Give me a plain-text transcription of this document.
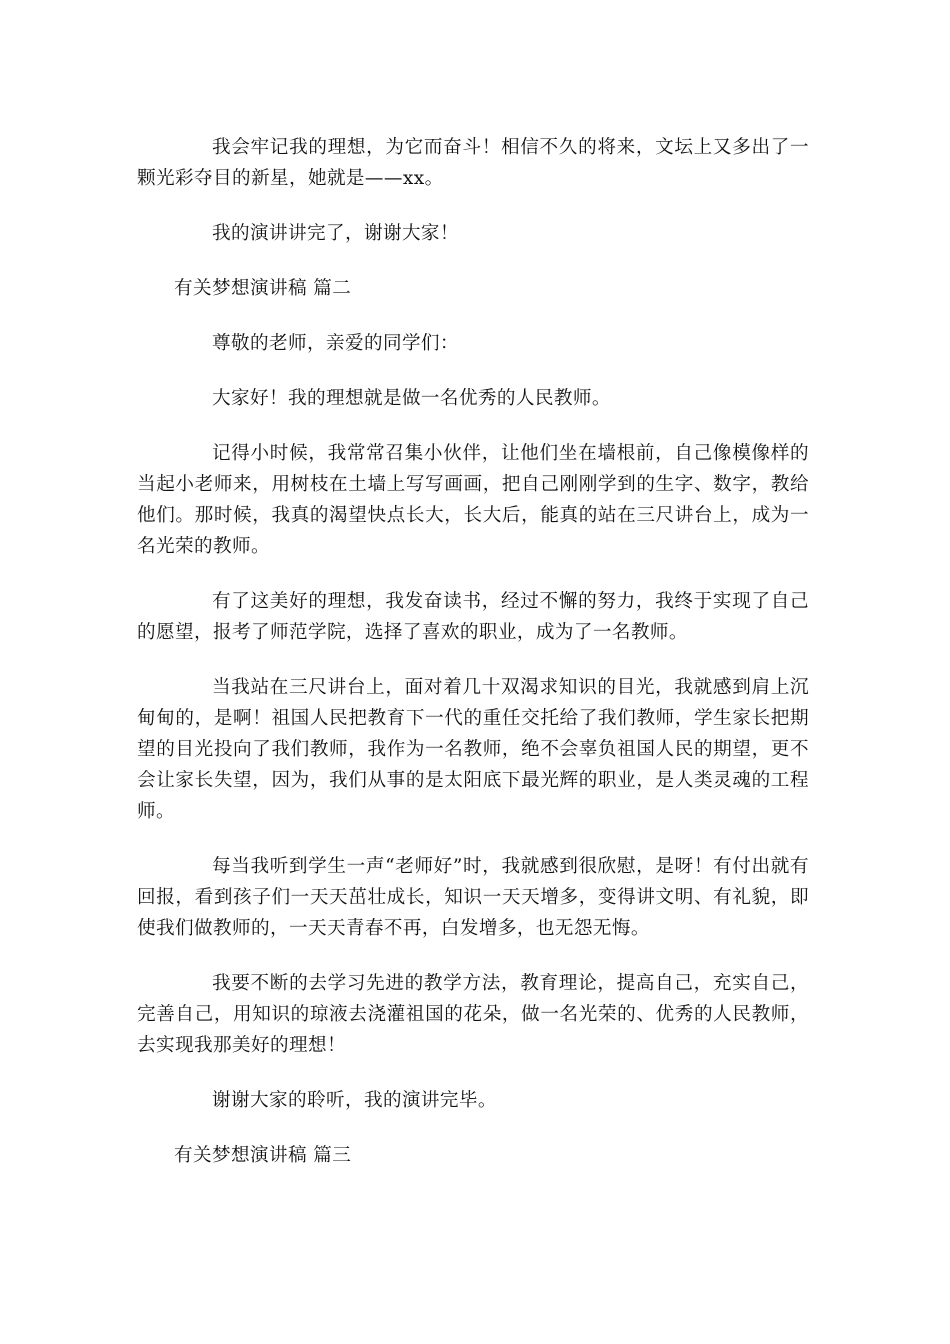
我会牢记我的理想，为它而奋斗！相信不久的将来，文坛上又多出了一颗光彩夺目的新星，她就是——xx。

我的演讲讲完了，谢谢大家！

有关梦想演讲稿 篇二

尊敬的老师，亲爱的同学们：

大家好！我的理想就是做一名优秀的人民教师。

记得小时候，我常常召集小伙伴，让他们坐在墙根前，自己像模像样的当起小老师来，用树枝在土墙上写写画画，把自己刚刚学到的生字、数字，教给他们。那时候，我真的渴望快点长大，长大后，能真的站在三尺讲台上，成为一名光荣的教师。

有了这美好的理想，我发奋读书，经过不懈的努力，我终于实现了自己的愿望，报考了师范学院，选择了喜欢的职业，成为了一名教师。

当我站在三尺讲台上，面对着几十双渴求知识的目光，我就感到肩上沉甸甸的，是啊！祖国人民把教育下一代的重任交托给了我们教师，学生家长把期望的目光投向了我们教师，我作为一名教师，绝不会辜负祖国人民的期望，更不会让家长失望，因为，我们从事的是太阳底下最光辉的职业，是人类灵魂的工程师。

每当我听到学生一声“老师好”时，我就感到很欣慰，是呀！有付出就有回报，看到孩子们一天天茁壮成长，知识一天天增多，变得讲文明、有礼貌，即使我们做教师的，一天天青春不再，白发增多，也无怨无悔。

我要不断的去学习先进的教学方法，教育理论，提高自己，充实自己，完善自己，用知识的琼液去浇灌祖国的花朵，做一名光荣的、优秀的人民教师，去实现我那美好的理想！

谢谢大家的聆听，我的演讲完毕。

有关梦想演讲稿 篇三
